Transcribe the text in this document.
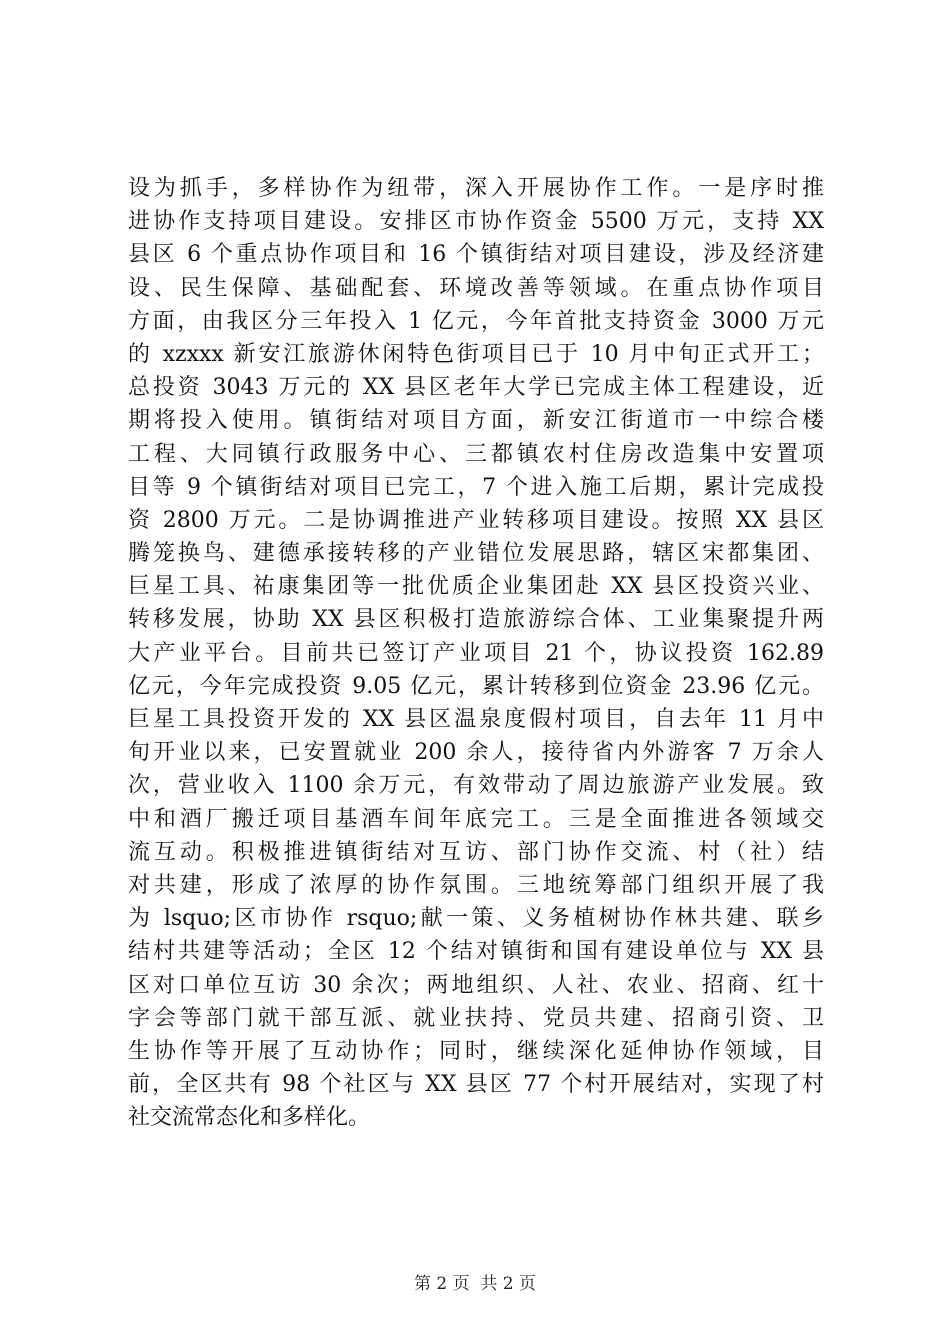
设为抓手，多样协作为纽带，深入开展协作工作。一是序时推
进协作支持项目建设。安排区市协作资金 5500 万元，支持 XX
县区 6 个重点协作项目和 16 个镇街结对项目建设，涉及经济建
设、民生保障、基础配套、环境改善等领域。在重点协作项目
方面，由我区分三年投入 1 亿元，今年首批支持资金 3000 万元
的 xzxxx 新安江旅游休闲特色街项目已于 10 月中旬正式开工；
总投资 3043 万元的 XX 县区老年大学已完成主体工程建设，近
期将投入使用。镇街结对项目方面，新安江街道市一中综合楼
工程、大同镇行政服务中心、三都镇农村住房改造集中安置项
目等 9 个镇街结对项目已完工，7 个进入施工后期，累计完成投
资 2800 万元。二是协调推进产业转移项目建设。按照 XX 县区
腾笼换鸟、建德承接转移的产业错位发展思路，辖区宋都集团、
巨星工具、祐康集团等一批优质企业集团赴 XX 县区投资兴业、
转移发展，协助 XX 县区积极打造旅游综合体、工业集聚提升两
大产业平台。目前共已签订产业项目 21 个，协议投资 162.89
亿元，今年完成投资 9.05 亿元，累计转移到位资金 23.96 亿元。
巨星工具投资开发的 XX 县区温泉度假村项目，自去年 11 月中
旬开业以来，已安置就业 200 余人，接待省内外游客 7 万余人
次，营业收入 1100 余万元，有效带动了周边旅游产业发展。致
中和酒厂搬迁项目基酒车间年底完工。三是全面推进各领域交
流互动。积极推进镇街结对互访、部门协作交流、村（社）结
对共建，形成了浓厚的协作氛围。三地统筹部门组织开展了我
为 lsquo;区市协作 rsquo;献一策、义务植树协作林共建、联乡
结村共建等活动；全区 12 个结对镇街和国有建设单位与 XX 县
区对口单位互访 30 余次；两地组织、人社、农业、招商、红十
字会等部门就干部互派、就业扶持、党员共建、招商引资、卫
生协作等开展了互动协作；同时，继续深化延伸协作领域，目
前，全区共有 98 个社区与 XX 县区 77 个村开展结对，实现了村
社交流常态化和多样化。
第 2 页  共 2 页
